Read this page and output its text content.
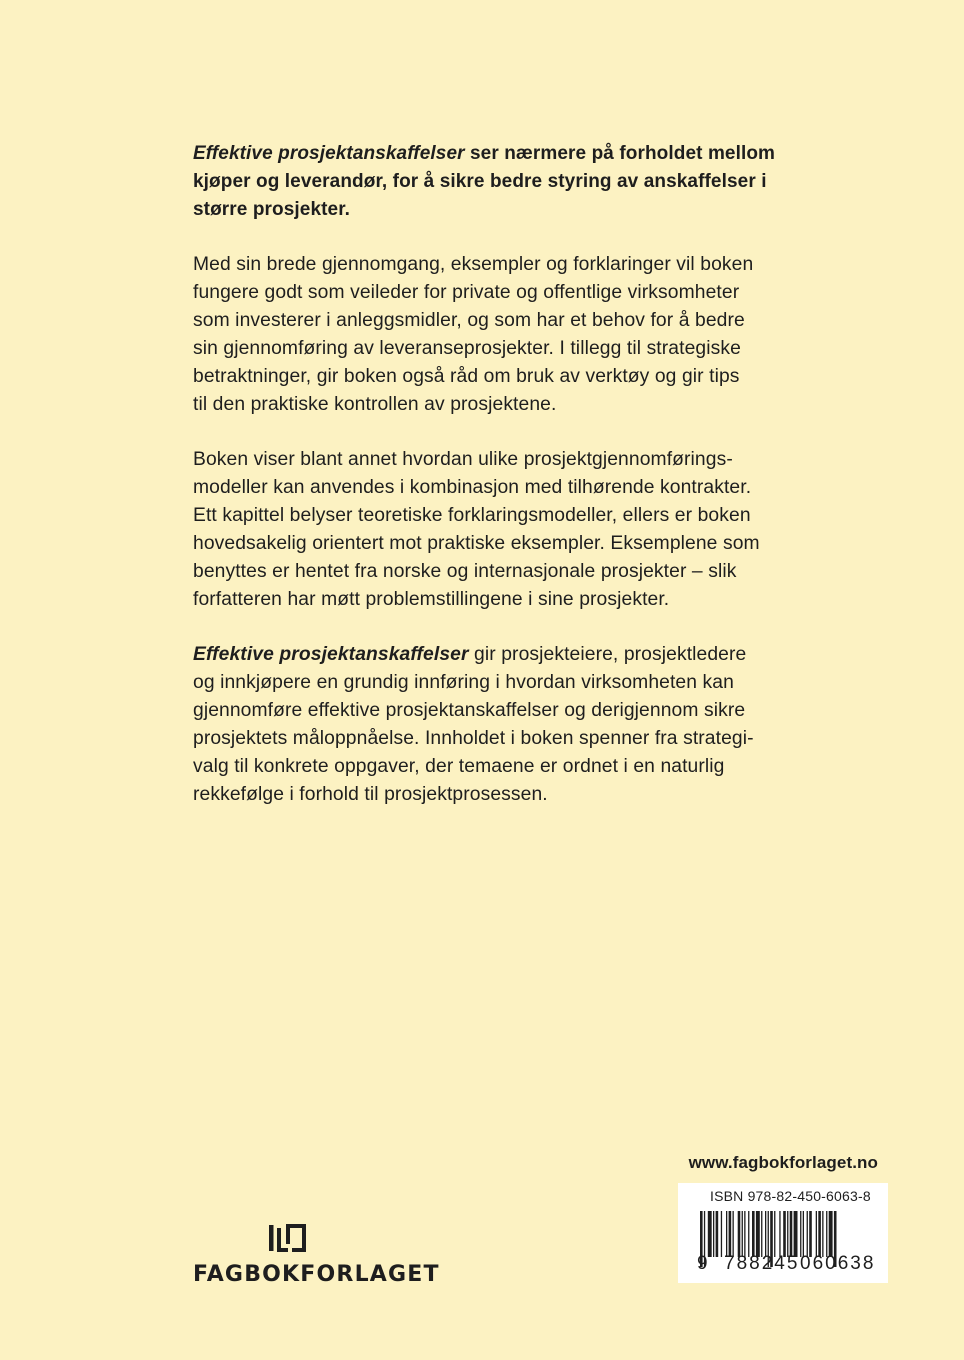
Effektive prosjektanskaffelser ser nærmere på forholdet mellom
kjøper og leverandør, for å sikre bedre styring av anskaffelser i
større prosjekter.

Med sin brede gjennomgang, eksempler og forklaringer vil boken
fungere godt som veileder for private og offentlige virksomheter
som investerer i anleggsmidler, og som har et behov for å bedre
sin gjennomføring av leveranseprosjekter. I tillegg til strategiske
betraktninger, gir boken også råd om bruk av verktøy og gir tips
til den praktiske kontrollen av prosjektene.

Boken viser blant annet hvordan ulike prosjektgjennomførings-
modeller kan anvendes i kombinasjon med tilhørende kontrakter.
Ett kapittel belyser teoretiske forklaringsmodeller, ellers er boken
hovedsakelig orientert mot praktiske eksempler. Eksemplene som
benyttes er hentet fra norske og internasjonale prosjekter – slik
forfatteren har møtt problemstillingene i sine prosjekter.

Effektive prosjektanskaffelser gir prosjekteiere, prosjektledere
og innkjøpere en grundig innføring i hvordan virksomheten kan
gjennomføre effektive prosjektanskaffelser og derigjennom sikre
prosjektets måloppnåelse. Innholdet i boken spenner fra strategi-
valg til konkrete oppgaver, der temaene er ordnet i en naturlig
rekkefølge i forhold til prosjektprosessen.

www.fagbokforlaget.no
ISBN 978-82-450-6063-8
9 788245 060638
FAGBOKFORLAGET
